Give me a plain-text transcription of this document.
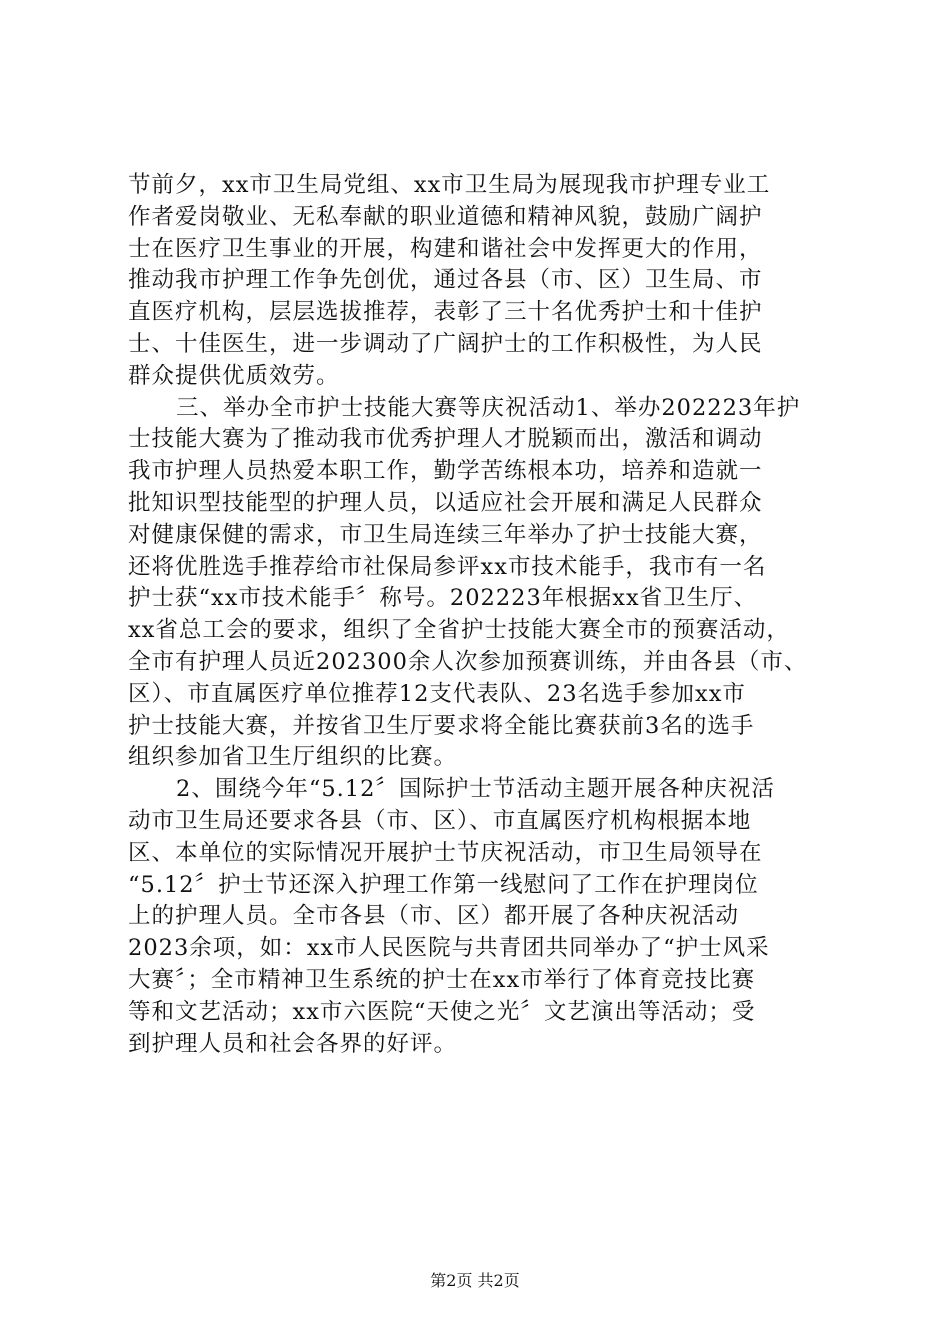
节前夕，xx市卫生局党组、xx市卫生局为展现我市护理专业工
作者爱岗敬业、无私奉献的职业道德和精神风貌，鼓励广阔护
士在医疗卫生事业的开展，构建和谐社会中发挥更大的作用，
推动我市护理工作争先创优，通过各县（市、区）卫生局、市
直医疗机构，层层选拔推荐，表彰了三十名优秀护士和十佳护
士、十佳医生，进一步调动了广阔护士的工作积极性，为人民
群众提供优质效劳。
三、举办全市护士技能大赛等庆祝活动1、举办202223年护
士技能大赛为了推动我市优秀护理人才脱颖而出，激活和调动
我市护理人员热爱本职工作，勤学苦练根本功，培养和造就一
批知识型技能型的护理人员，以适应社会开展和满足人民群众
对健康保健的需求，市卫生局连续三年举办了护士技能大赛，
还将优胜选手推荐给市社保局参评xx市技术能手，我市有一名
护士获“xx市技术能手〞称号。202223年根据xx省卫生厅、
xx省总工会的要求，组织了全省护士技能大赛全市的预赛活动，
全市有护理人员近202300余人次参加预赛训练，并由各县（市、
区）、市直属医疗单位推荐12支代表队、23名选手参加xx市
护士技能大赛，并按省卫生厅要求将全能比赛获前3名的选手
组织参加省卫生厅组织的比赛。
2、围绕今年“5.12〞国际护士节活动主题开展各种庆祝活
动市卫生局还要求各县（市、区）、市直属医疗机构根据本地
区、本单位的实际情况开展护士节庆祝活动，市卫生局领导在
“5.12〞护士节还深入护理工作第一线慰问了工作在护理岗位
上的护理人员。全市各县（市、区）都开展了各种庆祝活动
2023余项，如：xx市人民医院与共青团共同举办了“护士风采
大赛〞；全市精神卫生系统的护士在xx市举行了体育竞技比赛
等和文艺活动；xx市六医院“天使之光〞文艺演出等活动；受
到护理人员和社会各界的好评。
第2页 共2页
